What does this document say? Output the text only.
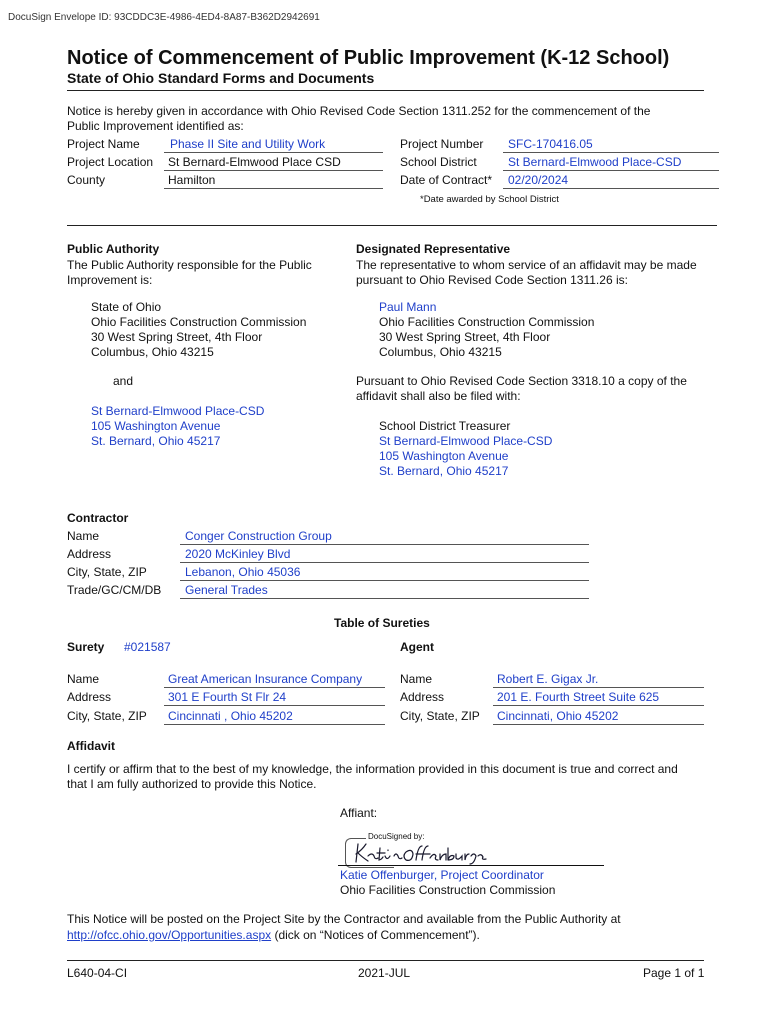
DocuSign Envelope ID: 93CDDC3E-4986-4ED4-8A87-B362D2942691
Notice of Commencement of Public Improvement (K-12 School)
State of Ohio Standard Forms and Documents
Notice is hereby given in accordance with Ohio Revised Code Section 1311.252 for the commencement of the
Public Improvement identified as:
Project Name	Phase II Site and Utility Work
Project Location St Bernard-Elmwood Place CSD
County	Hamilton
Project Number SFC-170416.05
School District	St Bernard-Elmwood Place-CSD
Date of Contract* 02/20/2024
*Date awarded by School District
Public Authority
The Public Authority responsible for the Public
Improvement is:
State of Ohio
Ohio Facilities Construction Commission
30 West Spring Street, 4th Floor
Columbus, Ohio 43215
and
St Bernard-Elmwood Place-CSD
105 Washington Avenue
St. Bernard, Ohio 45217
Designated Representative
The representative to whom service of an affidavit may be made
pursuant to Ohio Revised Code Section 1311.26 is:
Paul Mann
Ohio Facilities Construction Commission
30 West Spring Street, 4th Floor
Columbus, Ohio 43215
Pursuant to Ohio Revised Code Section 3318.10 a copy of the
affidavit shall also be filed with:
School District Treasurer
St Bernard-Elmwood Place-CSD
105 Washington Avenue
St. Bernard, Ohio 45217
Contractor
Name	Conger Construction Group
Address	2020 McKinley Blvd
City, State, ZIP	Lebanon, Ohio 45036
Trade/GC/CM/DB General Trades
Table of Sureties
Surety #021587	Agent
Name	Great American Insurance Company
Address	301 E Fourth St Flr 24
City, State, ZIP Cincinnati , Ohio 45202
Name	Robert E. Gigax Jr.
Address	201 E. Fourth Street Suite 625
City, State, ZIP Cincinnati, Ohio 45202
Affidavit
I certify or affirm that to the best of my knowledge, the information provided in this document is true and correct and
that I am fully authorized to provide this Notice.
Affiant:
DocuSigned by:
Katie Offenburger, Project Coordinator
Ohio Facilities Construction Commission
This Notice will be posted on the Project Site by the Contractor and available from the Public Authority at
http://ofcc.ohio.gov/Opportunities.aspx (dick on “Notices of Commencement”).
L640-04-CI	2021-JUL	Page 1 of 1
